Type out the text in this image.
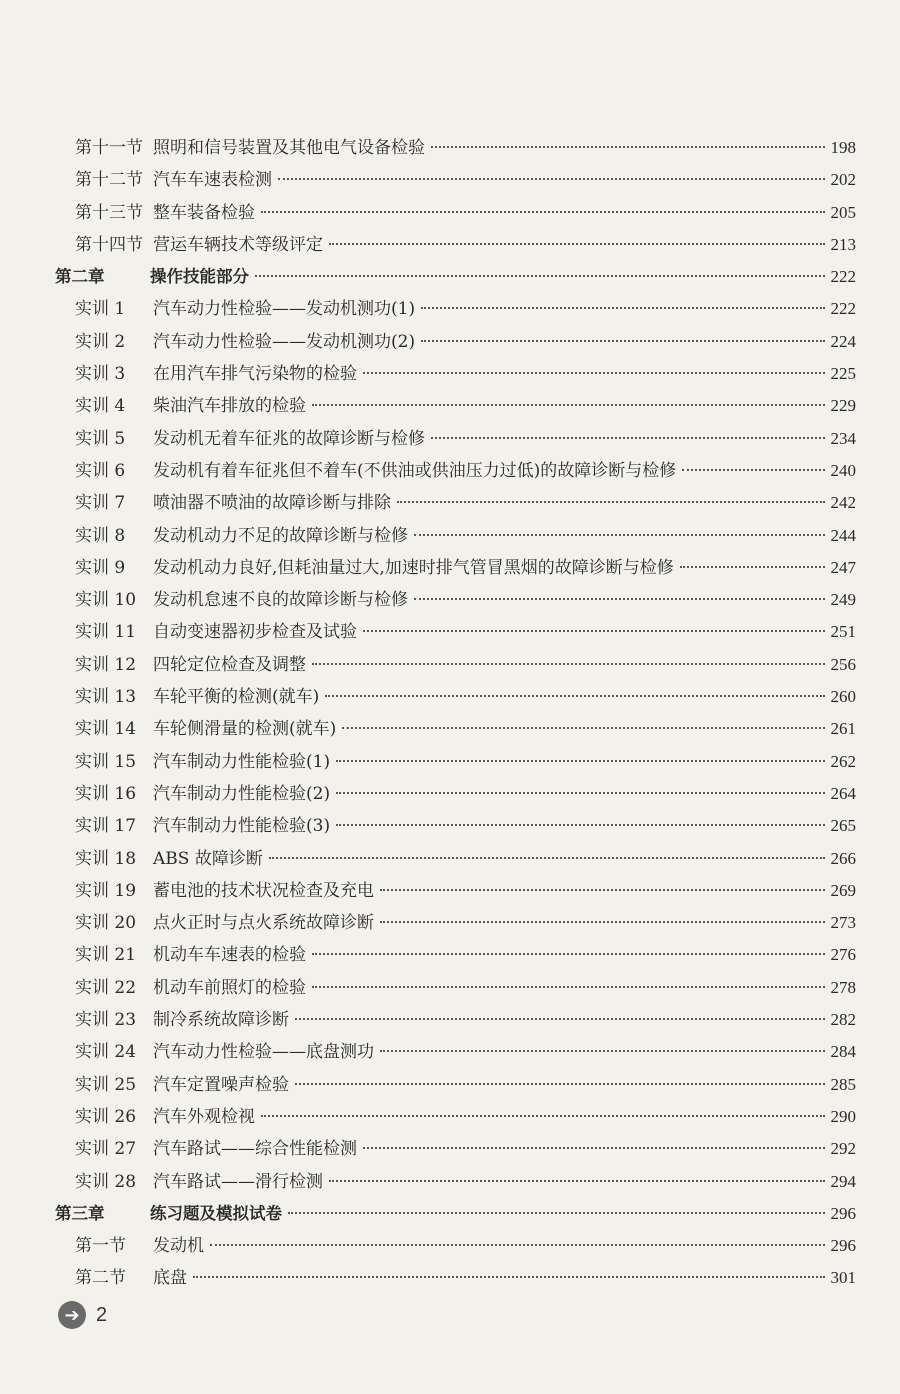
第十一节 照明和信号装置及其他电气设备检验	198
第十二节 汽车车速表检测	202
第十三节 整车装备检验	205
第十四节 营运车辆技术等级评定	213
第二章	操作技能部分	222
实训 1	汽车动力性检验——发动机测功(1)	222
实训 2	汽车动力性检验——发动机测功(2)	224
实训 3	在用汽车排气污染物的检验	225
实训 4	柴油汽车排放的检验	229
实训 5	发动机无着车征兆的故障诊断与检修	234
实训 6	发动机有着车征兆但不着车(不供油或供油压力过低)的故障诊断与检修	240
实训 7	喷油器不喷油的故障诊断与排除	242
实训 8	发动机动力不足的故障诊断与检修	244
实训 9	发动机动力良好,但耗油量过大,加速时排气管冒黑烟的故障诊断与检修	247
实训 10 发动机怠速不良的故障诊断与检修	249
实训 11 自动变速器初步检查及试验	251
实训 12 四轮定位检查及调整	256
实训 13 车轮平衡的检测(就车)	260
实训 14 车轮侧滑量的检测(就车)	261
实训 15 汽车制动力性能检验(1)	262
实训 16 汽车制动力性能检验(2)	264
实训 17 汽车制动力性能检验(3)	265
实训 18 ABS 故障诊断	266
实训 19 蓄电池的技术状况检查及充电	269
实训 20 点火正时与点火系统故障诊断	273
实训 21 机动车车速表的检验	276
实训 22 机动车前照灯的检验	278
实训 23 制冷系统故障诊断	282
实训 24 汽车动力性检验——底盘测功	284
实训 25 汽车定置噪声检验	285
实训 26 汽车外观检视	290
实训 27 汽车路试——综合性能检测	292
实训 28 汽车路试——滑行检测	294
第三章	练习题及模拟试卷	296
第一节	发动机	296
第二节	底盘	301
➔ 2
